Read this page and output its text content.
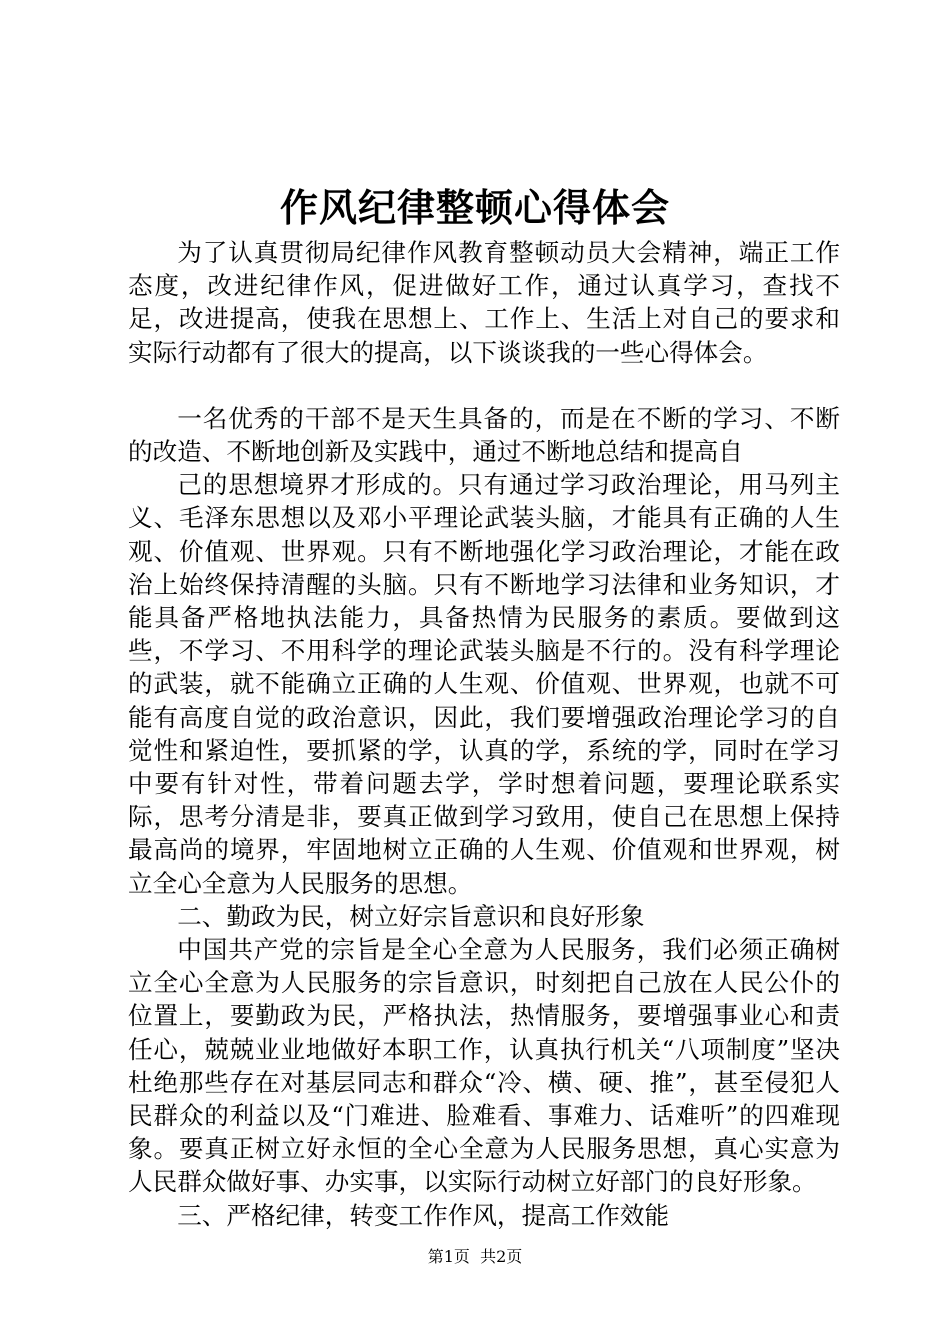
作风纪律整顿心得体会

为了认真贯彻局纪律作风教育整顿动员大会精神，端正工作态度，改进纪律作风，促进做好工作，通过认真学习，查找不足，改进提高，使我在思想上、工作上、生活上对自己的要求和实际行动都有了很大的提高，以下谈谈我的一些心得体会。

一名优秀的干部不是天生具备的，而是在不断的学习、不断的改造、不断地创新及实践中，通过不断地总结和提高自

己的思想境界才形成的。只有通过学习政治理论，用马列主义、毛泽东思想以及邓小平理论武装头脑，才能具有正确的人生观、价值观、世界观。只有不断地强化学习政治理论，才能在政治上始终保持清醒的头脑。只有不断地学习法律和业务知识，才能具备严格地执法能力，具备热情为民服务的素质。要做到这些，不学习、不用科学的理论武装头脑是不行的。没有科学理论的武装，就不能确立正确的人生观、价值观、世界观，也就不可能有高度自觉的政治意识，因此，我们要增强政治理论学习的自觉性和紧迫性，要抓紧的学，认真的学，系统的学，同时在学习中要有针对性，带着问题去学，学时想着问题，要理论联系实际，思考分清是非，要真正做到学习致用，使自己在思想上保持最高尚的境界，牢固地树立正确的人生观、价值观和世界观，树立全心全意为人民服务的思想。

二、勤政为民，树立好宗旨意识和良好形象

中国共产党的宗旨是全心全意为人民服务，我们必须正确树立全心全意为人民服务的宗旨意识，时刻把自己放在人民公仆的位置上，要勤政为民，严格执法，热情服务，要增强事业心和责任心，兢兢业业地做好本职工作，认真执行机关“八项制度”坚决杜绝那些存在对基层同志和群众“冷、横、硬、推”，甚至侵犯人民群众的利益以及“门难进、脸难看、事难力、话难听”的四难现象。要真正树立好永恒的全心全意为人民服务思想，真心实意为人民群众做好事、办实事，以实际行动树立好部门的良好形象。

三、严格纪律，转变工作作风，提高工作效能

第1页  共2页
